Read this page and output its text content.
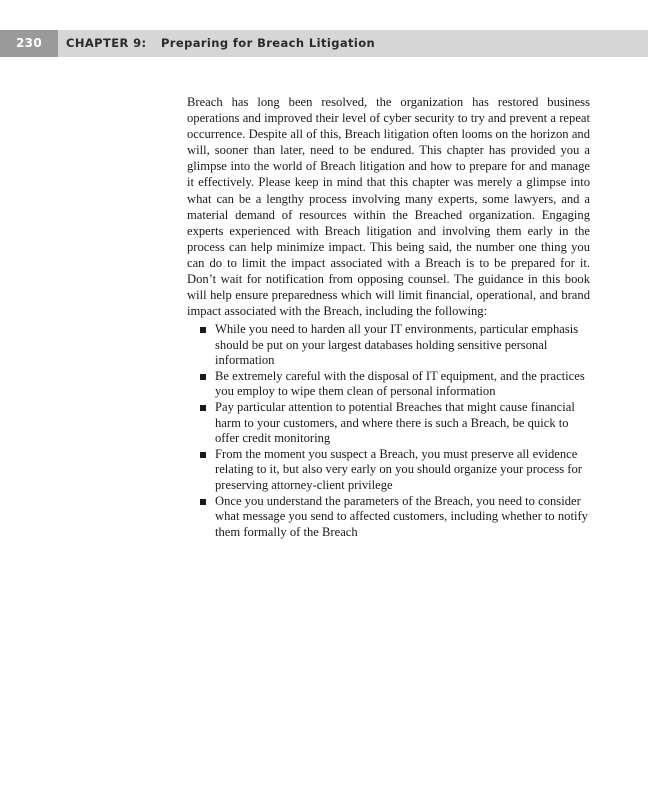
230	CHAPTER 9: Preparing for Breach Litigation

Breach has long been resolved, the organization has restored business operations and improved their level of cyber security to try and prevent a repeat occurrence. Despite all of this, Breach litigation often looms on the horizon and will, sooner than later, need to be endured. This chapter has provided you a glimpse into the world of Breach litigation and how to prepare for and manage it effectively. Please keep in mind that this chapter was merely a glimpse into what can be a lengthy process involving many experts, some lawyers, and a material demand of resources within the Breached organization. Engaging experts experienced with Breach litigation and involving them early in the process can help minimize impact. This being said, the number one thing you can do to limit the impact associated with a Breach is to be prepared for it. Don’t wait for notification from opposing counsel. The guidance in this book will help ensure preparedness which will limit financial, operational, and brand impact associated with the Breach, including the following:

While you need to harden all your IT environments, particular emphasis should be put on your largest databases holding sensitive personal information
Be extremely careful with the disposal of IT equipment, and the practices you employ to wipe them clean of personal information
Pay particular attention to potential Breaches that might cause financial harm to your customers, and where there is such a Breach, be quick to offer credit monitoring
From the moment you suspect a Breach, you must preserve all evidence relating to it, but also very early on you should organize your process for preserving attorney-client privilege
Once you understand the parameters of the Breach, you need to consider what message you send to affected customers, including whether to notify them formally of the Breach
